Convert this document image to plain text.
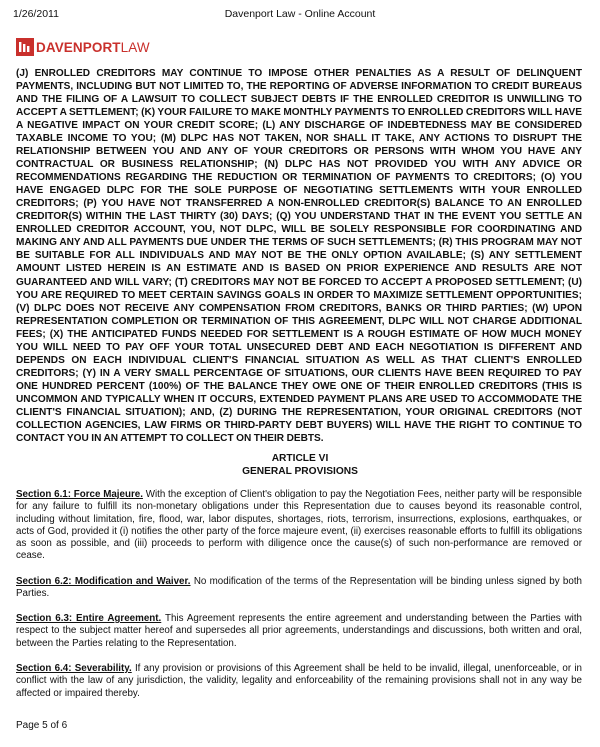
1/26/2011	Davenport Law - Online Account
DAVENPORT LAW
(J) ENROLLED CREDITORS MAY CONTINUE TO IMPOSE OTHER PENALTIES AS A RESULT OF DELINQUENT PAYMENTS, INCLUDING BUT NOT LIMITED TO, THE REPORTING OF ADVERSE INFORMATION TO CREDIT BUREAUS AND THE FILING OF A LAWSUIT TO COLLECT SUBJECT DEBTS IF THE ENROLLED CREDITOR IS UNWILLING TO ACCEPT A SETTLEMENT; (K) YOUR FAILURE TO MAKE MONTHLY PAYMENTS TO ENROLLED CREDITORS WILL HAVE A NEGATIVE IMPACT ON YOUR CREDIT SCORE; (L) ANY DISCHARGE OF INDEBTEDNESS MAY BE CONSIDERED TAXABLE INCOME TO YOU; (M) DLPC HAS NOT TAKEN, NOR SHALL IT TAKE, ANY ACTIONS TO DISRUPT THE RELATIONSHIP BETWEEN YOU AND ANY OF YOUR CREDITORS OR PERSONS WITH WHOM YOU HAVE ANY CONTRACTUAL OR BUSINESS RELATIONSHIP; (N) DLPC HAS NOT PROVIDED YOU WITH ANY ADVICE OR RECOMMENDATIONS REGARDING THE REDUCTION OR TERMINATION OF PAYMENTS TO CREDITORS; (O) YOU HAVE ENGAGED DLPC FOR THE SOLE PURPOSE OF NEGOTIATING SETTLEMENTS WITH YOUR ENROLLED CREDITORS; (P) YOU HAVE NOT TRANSFERRED A NON-ENROLLED CREDITOR(S) BALANCE TO AN ENROLLED CREDITOR(S) WITHIN THE LAST THIRTY (30) DAYS; (Q) YOU UNDERSTAND THAT IN THE EVENT YOU SETTLE AN ENROLLED CREDITOR ACCOUNT, YOU, NOT DLPC, WILL BE SOLELY RESPONSIBLE FOR COORDINATING AND MAKING ANY AND ALL PAYMENTS DUE UNDER THE TERMS OF SUCH SETTLEMENTS; (R) THIS PROGRAM MAY NOT BE SUITABLE FOR ALL INDIVIDUALS AND MAY NOT BE THE ONLY OPTION AVAILABLE; (S) ANY SETTLEMENT AMOUNT LISTED HEREIN IS AN ESTIMATE AND IS BASED ON PRIOR EXPERIENCE AND RESULTS ARE NOT GUARANTEED AND WILL VARY; (T) CREDITORS MAY NOT BE FORCED TO ACCEPT A PROPOSED SETTLEMENT; (U) YOU ARE REQUIRED TO MEET CERTAIN SAVINGS GOALS IN ORDER TO MAXIMIZE SETTLEMENT OPPORTUNITIES; (V) DLPC DOES NOT RECEIVE ANY COMPENSATION FROM CREDITORS, BANKS OR THIRD PARTIES; (W) UPON REPRESENTATION COMPLETION OR TERMINATION OF THIS AGREEMENT, DLPC WILL NOT CHARGE ADDITIONAL FEES; (X) THE ANTICIPATED FUNDS NEEDED FOR SETTLEMENT IS A ROUGH ESTIMATE OF HOW MUCH MONEY YOU WILL NEED TO PAY OFF YOUR TOTAL UNSECURED DEBT AND EACH NEGOTIATION IS DIFFERENT AND DEPENDS ON EACH INDIVIDUAL CLIENT'S FINANCIAL SITUATION AS WELL AS THAT CLIENT'S ENROLLED CREDITORS; (Y) IN A VERY SMALL PERCENTAGE OF SITUATIONS, OUR CLIENTS HAVE BEEN REQUIRED TO PAY ONE HUNDRED PERCENT (100%) OF THE BALANCE THEY OWE ONE OF THEIR ENROLLED CREDITORS (THIS IS UNCOMMON AND TYPICALLY WHEN IT OCCURS, EXTENDED PAYMENT PLANS ARE USED TO ACCOMMODATE THE CLIENT'S FINANCIAL SITUATION); AND, (Z) DURING THE REPRESENTATION, YOUR ORIGINAL CREDITORS (NOT COLLECTION AGENCIES, LAW FIRMS OR THIRD-PARTY DEBT BUYERS) WILL HAVE THE RIGHT TO CONTINUE TO CONTACT YOU IN AN ATTEMPT TO COLLECT ON THEIR DEBTS.
ARTICLE VI
GENERAL PROVISIONS
Section 6.1: Force Majeure. With the exception of Client's obligation to pay the Negotiation Fees, neither party will be responsible for any failure to fulfill its non-monetary obligations under this Representation due to causes beyond its reasonable control, including without limitation, fire, flood, war, labor disputes, shortages, riots, terrorism, insurrections, explosions, earthquakes, or acts of God, provided it (i) notifies the other party of the force majeure event, (ii) exercises reasonable efforts to fulfill its obligations as soon as possible, and (iii) proceeds to perform with diligence once the cause(s) of such non-performance are removed or cease.
Section 6.2: Modification and Waiver. No modification of the terms of the Representation will be binding unless signed by both Parties.
Section 6.3: Entire Agreement. This Agreement represents the entire agreement and understanding between the Parties with respect to the subject matter hereof and supersedes all prior agreements, understandings and discussions, both written and oral, between the Parties relating to the Representation.
Section 6.4: Severability. If any provision or provisions of this Agreement shall be held to be invalid, illegal, unenforceable, or in conflict with the law of any jurisdiction, the validity, legality and enforceability of the remaining provisions shall not in any way be affected or impaired thereby.
Page 5 of 6
